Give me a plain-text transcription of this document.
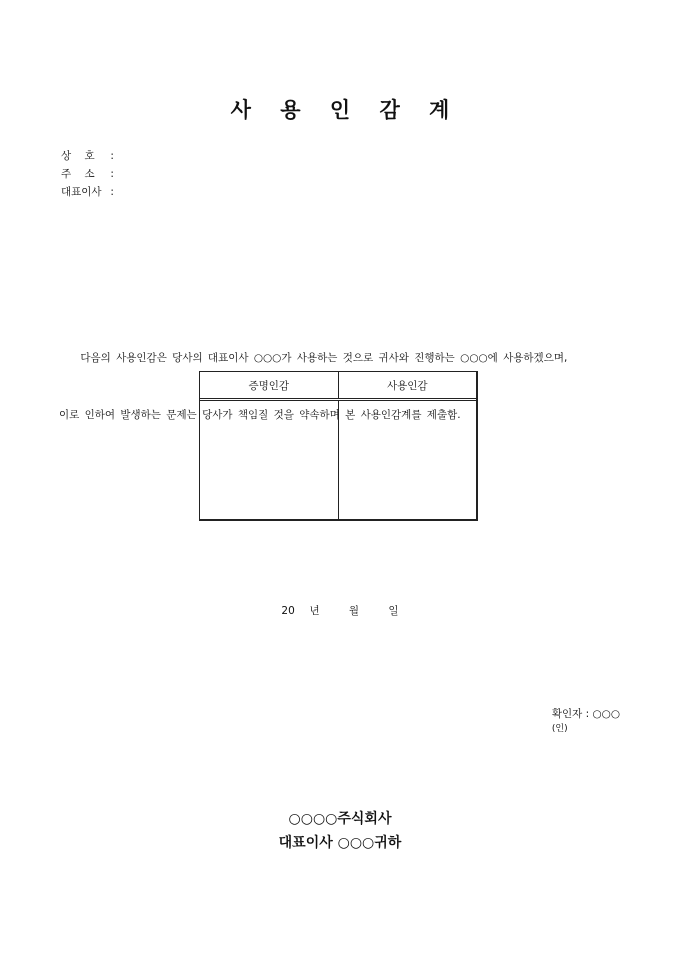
사 용 인 감 계
상    호	:
주    소	:
대표이사 :

다음의 사용인감은 당사의 대표이사 ○○○가 사용하는 것으로 귀사와 진행하는 ○○○에 사용하겠으며,

이로 인하여 발생하는 문제는 당사가 책임질 것을 약속하며 본 사용인감계를 제출함.

증명인감	사용인감
20  년    월    일

확인자 : ○○○
(인)

○○○○주식회사
대표이사 ○○○귀하
